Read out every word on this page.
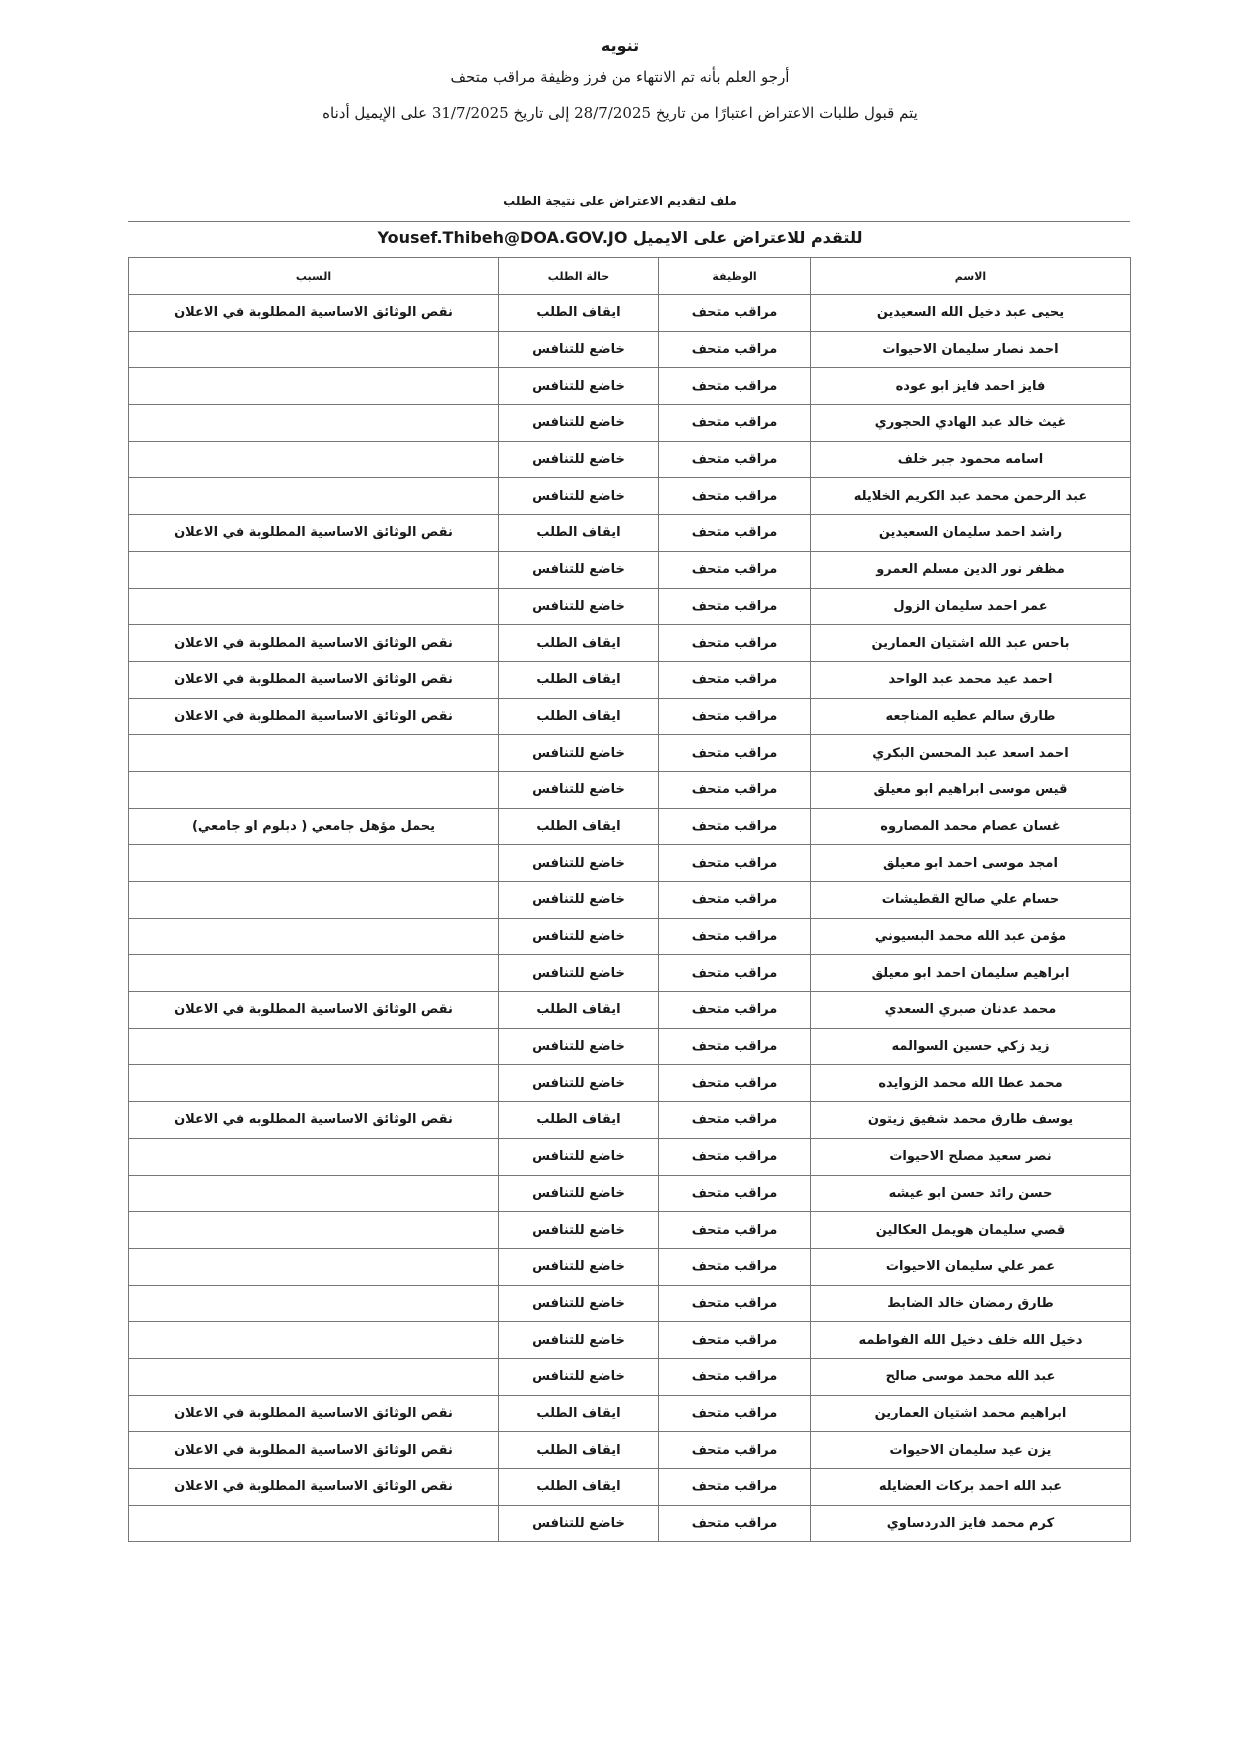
تنويه
أرجو العلم بأنه تم الانتهاء من فرز وظيفة مراقب متحف
يتم قبول طلبات الاعتراض اعتبارًا من تاريخ 28/7/2025 إلى تاريخ 31/7/2025 على الإيميل أدناه
ملف لتقديم الاعتراض على نتيجة الطلب
للتقدم للاعتراض على الايميل Yousef.Thibeh@DOA.GOV.JO
الاسم	الوظيفة	حالة الطلب	السبب
يحيى عبد دخيل الله السعيدين	مراقب متحف	ايقاف الطلب	نقص الوثائق الاساسية المطلوبة في الاعلان
احمد نصار سليمان الاحيوات	مراقب متحف	خاضع للتنافس	
فايز احمد فايز ابو عوده	مراقب متحف	خاضع للتنافس	
غيث خالد عبد الهادي الحجوري	مراقب متحف	خاضع للتنافس	
اسامه محمود جبر خلف	مراقب متحف	خاضع للتنافس	
عبد الرحمن محمد عبد الكريم الخلايله	مراقب متحف	خاضع للتنافس	
راشد احمد سليمان السعيدين	مراقب متحف	ايقاف الطلب	نقص الوثائق الاساسية المطلوبة في الاعلان
مظفر نور الدين مسلم العمرو	مراقب متحف	خاضع للتنافس	
عمر احمد سليمان الزول	مراقب متحف	خاضع للتنافس	
باحس عبد الله اشتيان العمارين	مراقب متحف	ايقاف الطلب	نقص الوثائق الاساسية المطلوبة في الاعلان
احمد عيد محمد عبد الواحد	مراقب متحف	ايقاف الطلب	نقص الوثائق الاساسية المطلوبة في الاعلان
طارق سالم عطيه المناجعه	مراقب متحف	ايقاف الطلب	نقص الوثائق الاساسية المطلوبة في الاعلان
احمد اسعد عبد المحسن البكري	مراقب متحف	خاضع للتنافس	
قيس موسى ابراهيم ابو معيلق	مراقب متحف	خاضع للتنافس	
غسان عصام محمد المصاروه	مراقب متحف	ايقاف الطلب	يحمل مؤهل جامعي ( دبلوم او جامعي)
امجد موسى احمد ابو معيلق	مراقب متحف	خاضع للتنافس	
حسام علي صالح القطيشات	مراقب متحف	خاضع للتنافس	
مؤمن عبد الله محمد البسيوني	مراقب متحف	خاضع للتنافس	
ابراهيم سليمان احمد ابو معيلق	مراقب متحف	خاضع للتنافس	
محمد عدنان صبري السعدي	مراقب متحف	ايقاف الطلب	نقص الوثائق الاساسية المطلوبة في الاعلان
زيد زكي حسين السوالمه	مراقب متحف	خاضع للتنافس	
محمد عطا الله محمد الزوايده	مراقب متحف	خاضع للتنافس	
يوسف طارق محمد شفيق زيتون	مراقب متحف	ايقاف الطلب	نقص الوثائق الاساسية المطلوبه في الاعلان
نصر سعيد مصلح الاحيوات	مراقب متحف	خاضع للتنافس	
حسن رائد حسن ابو عيشه	مراقب متحف	خاضع للتنافس	
قصي سليمان هويمل العكالين	مراقب متحف	خاضع للتنافس	
عمر علي سليمان الاحيوات	مراقب متحف	خاضع للتنافس	
طارق رمضان خالد الضابط	مراقب متحف	خاضع للتنافس	
دخيل الله خلف دخيل الله الفواطمه	مراقب متحف	خاضع للتنافس	
عبد الله محمد موسى صالح	مراقب متحف	خاضع للتنافس	
ابراهيم محمد اشتيان العمارين	مراقب متحف	ايقاف الطلب	نقص الوثائق الاساسية المطلوبة في الاعلان
يزن عيد سليمان الاحيوات	مراقب متحف	ايقاف الطلب	نقص الوثائق الاساسية المطلوبة في الاعلان
عبد الله احمد بركات العضايله	مراقب متحف	ايقاف الطلب	نقص الوثائق الاساسية المطلوبة في الاعلان
كرم محمد فايز الدردساوي	مراقب متحف	خاضع للتنافس	
